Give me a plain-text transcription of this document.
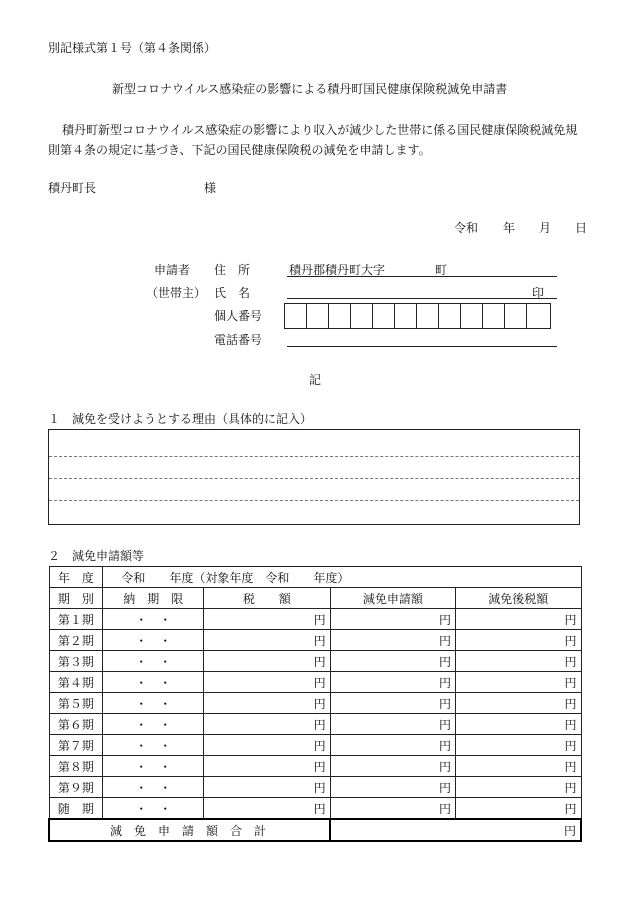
別記様式第１号（第４条関係）
新型コロナウイルス感染症の影響による積丹町国民健康保険税減免申請書
積丹町新型コロナウイルス感染症の影響により収入が減少した世帯に係る国民健康保険税減免規
則第４条の規定に基づき、下記の国民健康保険税の減免を申請します。
積丹町長	様
令和 年 月 日
申請者 住　所	積丹郡積丹町大字	町
（世帯主） 氏　名	印
個人番号
電話番号
記
１　減免を受けようとする理由（具体的に記入）
２　減免申請額等
年　度	令和　　年度（対象年度　令和　　年度）			
期　別	納　期　限	税　　額	減免申請額	減免後税額
第１期	・　・	円	円	円
第２期	・　・	円	円	円
第３期	・　・	円	円	円
第４期	・　・	円	円	円
第５期	・　・	円	円	円
第６期	・　・	円	円	円
第７期	・　・	円	円	円
第８期	・　・	円	円	円
第９期	・　・	円	円	円
随　期	・　・	円	円	円
減　免　申　請　額　合　計			円	
